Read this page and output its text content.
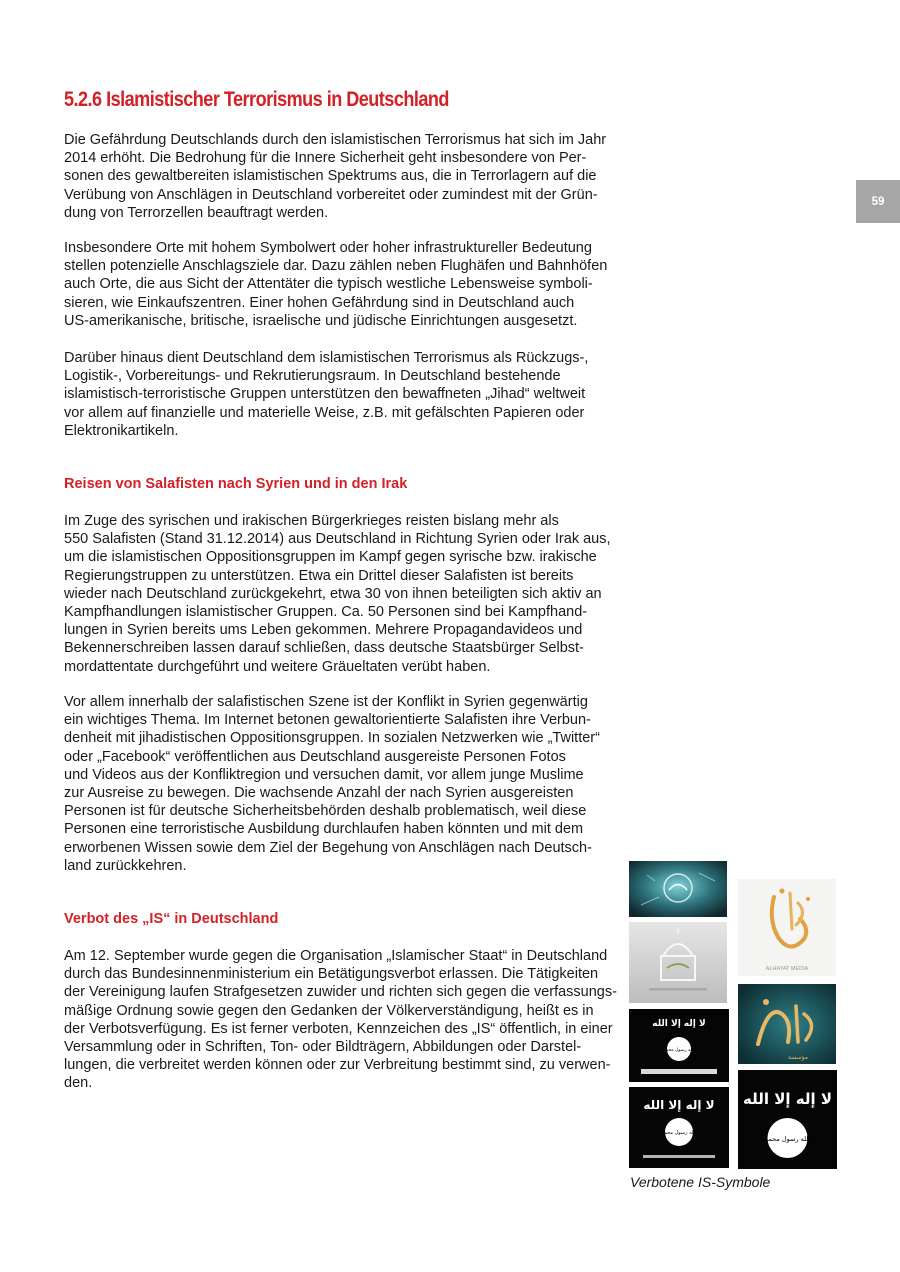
5.2.6 Islamistischer Terrorismus in Deutschland
59

Die Gefährdung Deutschlands durch den islamistischen Terrorismus hat sich im Jahr
2014 erhöht. Die Bedrohung für die Innere Sicherheit geht insbesondere von Per-
sonen des gewaltbereiten islamistischen Spektrums aus, die in Terrorlagern auf die
Verübung von Anschlägen in Deutschland vorbereitet oder zumindest mit der Grün-
dung von Terrorzellen beauftragt werden.

Insbesondere Orte mit hohem Symbolwert oder hoher infrastruktureller Bedeutung
stellen potenzielle Anschlagsziele dar. Dazu zählen neben Flughäfen und Bahnhöfen
auch Orte, die aus Sicht der Attentäter die typisch westliche Lebensweise symboli-
sieren, wie Einkaufszentren. Einer hohen Gefährdung sind in Deutschland auch
US-amerikanische, britische, israelische und jüdische Einrichtungen ausgesetzt.

Darüber hinaus dient Deutschland dem islamistischen Terrorismus als Rückzugs-,
Logistik-, Vorbereitungs- und Rekrutierungsraum. In Deutschland bestehende
islamistisch-terroristische Gruppen unterstützen den bewaffneten „Jihad“ weltweit
vor allem auf finanzielle und materielle Weise, z.B. mit gefälschten Papieren oder
Elektronikartikeln.

Reisen von Salafisten nach Syrien und in den Irak

Im Zuge des syrischen und irakischen Bürgerkrieges reisten bislang mehr als
550 Salafisten (Stand 31.12.2014) aus Deutschland in Richtung Syrien oder Irak aus,
um die islamistischen Oppositionsgruppen im Kampf gegen syrische bzw. irakische
Regierungstruppen zu unterstützen. Etwa ein Drittel dieser Salafisten ist bereits
wieder nach Deutschland zurückgekehrt, etwa 30 von ihnen beteiligten sich aktiv an
Kampfhandlungen islamistischer Gruppen. Ca. 50 Personen sind bei Kampfhand-
lungen in Syrien bereits ums Leben gekommen. Mehrere Propagandavideos und
Bekennerschreiben lassen darauf schließen, dass deutsche Staatsbürger Selbst-
mordattentate durchgeführt und weitere Gräueltaten verübt haben.

Vor allem innerhalb der salafistischen Szene ist der Konflikt in Syrien gegenwärtig
ein wichtiges Thema. Im Internet betonen gewaltorientierte Salafisten ihre Verbun-
denheit mit jihadistischen Oppositionsgruppen. In sozialen Netzwerken wie „Twitter“
oder „Facebook“ veröffentlichen aus Deutschland ausgereiste Personen Fotos
und Videos aus der Konfliktregion und versuchen damit, vor allem junge Muslime
zur Ausreise zu bewegen. Die wachsende Anzahl der nach Syrien ausgereisten
Personen ist für deutsche Sicherheitsbehörden deshalb problematisch, weil diese
Personen eine terroristische Ausbildung durchlaufen haben könnten und mit dem
erworbenen Wissen sowie dem Ziel der Begehung von Anschlägen nach Deutsch-
land zurückkehren.

Verbot des „IS“ in Deutschland

Am 12. September wurde gegen die Organisation „Islamischer Staat“ in Deutschland
durch das Bundesinnenministerium ein Betätigungsverbot erlassen. Die Tätigkeiten
der Vereinigung laufen Strafgesetzen zuwider und richten sich gegen die verfassungs-
mäßige Ordnung sowie gegen den Gedanken der Völkerverständigung, heißt es in
der Verbotsverfügung. Es ist ferner verboten, Kennzeichen des „IS“ öffentlich, in einer
Versammlung oder in Schriften, Ton- oder Bildträgern, Abbildungen oder Darstel-
lungen, die verbreitet werden können oder zur Verbreitung bestimmt sind, zu verwen-
den.

ALHAYAT MEDIA
مؤسسة
لا إله إلا الله
الله رسول محمد
لا إله إلا الله
الله رسول محمد
لا إله إلا الله
الله رسول محمد

Verbotene IS-Symbole
